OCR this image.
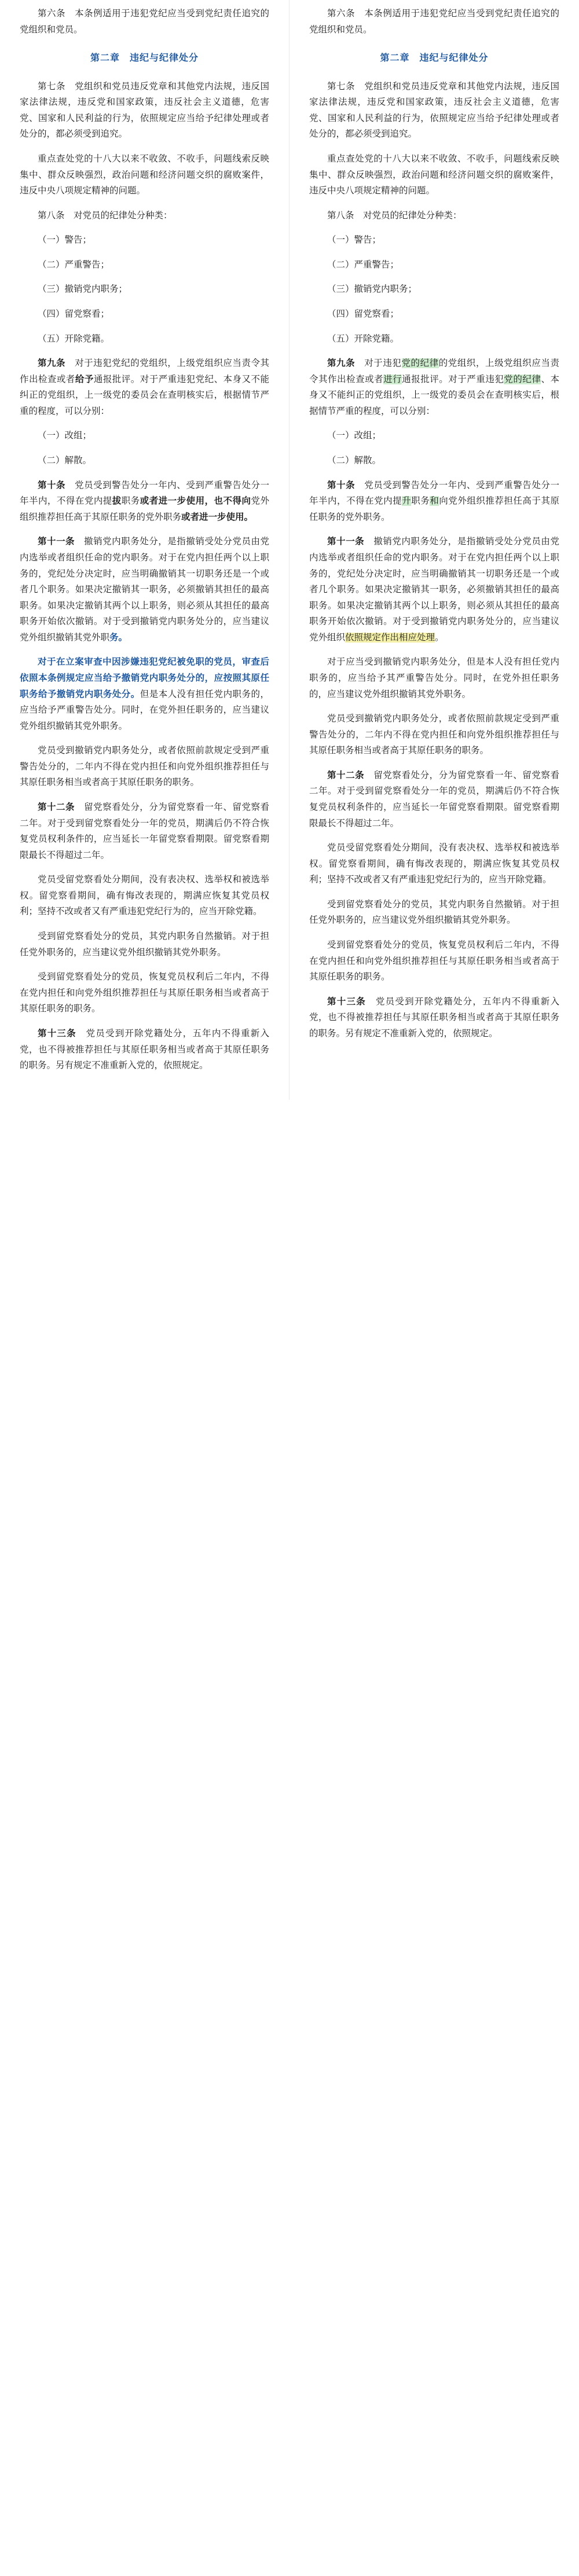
第六条　本条例适用于违犯党纪应当受到党纪责任追究的党组织和党员。

第二章　违纪与纪律处分

第七条　党组织和党员违反党章和其他党内法规，违反国家法律法规，违反党和国家政策，违反社会主义道德，危害党、国家和人民利益的行为，依照规定应当给予纪律处理或者处分的，都必须受到追究。

重点查处党的十八大以来不收敛、不收手，问题线索反映集中、群众反映强烈，政治问题和经济问题交织的腐败案件，违反中央八项规定精神的问题。

第八条　对党员的纪律处分种类：

（一）警告；

（二）严重警告；

（三）撤销党内职务；

（四）留党察看；

（五）开除党籍。

第九条　对于违犯党纪的党组织，上级党组织应当责令其作出检查或者给予通报批评。对于严重违犯党纪、本身又不能纠正的党组织，上一级党的委员会在查明核实后，根据情节严重的程度，可以分别：

（一）改组；

（二）解散。

第十条　党员受到警告处分一年内、受到严重警告处分一年半内，不得在党内提拔职务或者进一步使用，也不得向党外组织推荐担任高于其原任职务的党外职务或者进一步使用。

第十一条　撤销党内职务处分，是指撤销受处分党员由党内选举或者组织任命的党内职务。对于在党内担任两个以上职务的，党纪处分决定时，应当明确撤销其一切职务还是一个或者几个职务。如果决定撤销其一职务，必须撤销其担任的最高职务。如果决定撤销其两个以上职务，则必须从其担任的最高职务开始依次撤销。对于受到撤销党内职务处分的，应当建议党外组织撤销其党外职务。

对于在立案审查中因涉嫌违犯党纪被免职的党员，审查后依照本条例规定应当给予撤销党内职务处分的，应按照其原任职务给予撤销党内职务处分。但是本人没有担任党内职务的，应当给予严重警告处分。同时，在党外担任职务的，应当建议党外组织撤销其党外职务。

党员受到撤销党内职务处分，或者依照前款规定受到严重警告处分的，二年内不得在党内担任和向党外组织推荐担任与其原任职务相当或者高于其原任职务的职务。

第十二条　留党察看处分，分为留党察看一年、留党察看二年。对于受到留党察看处分一年的党员，期满后仍不符合恢复党员权利条件的，应当延长一年留党察看期限。留党察看期限最长不得超过二年。

党员受留党察看处分期间，没有表决权、选举权和被选举权。留党察看期间，确有悔改表现的，期满应恢复其党员权利；坚持不改或者又有严重违犯党纪行为的，应当开除党籍。

受到留党察看处分的党员，其党内职务自然撤销。对于担任党外职务的，应当建议党外组织撤销其党外职务。

受到留党察看处分的党员，恢复党员权利后二年内，不得在党内担任和向党外组织推荐担任与其原任职务相当或者高于其原任职务的职务。

第十三条　党员受到开除党籍处分，五年内不得重新入党，也不得被推荐担任与其原任职务相当或者高于其原任职务的职务。另有规定不准重新入党的，依照规定。

第六条　本条例适用于违犯党纪应当受到党纪责任追究的党组织和党员。

第二章　违纪与纪律处分

第七条　党组织和党员违反党章和其他党内法规，违反国家法律法规，违反党和国家政策，违反社会主义道德，危害党、国家和人民利益的行为，依照规定应当给予纪律处理或者处分的，都必须受到追究。

重点查处党的十八大以来不收敛、不收手，问题线索反映集中、群众反映强烈，政治问题和经济问题交织的腐败案件，违反中央八项规定精神的问题。

第八条　对党员的纪律处分种类：

（一）警告；

（二）严重警告；

（三）撤销党内职务；

（四）留党察看；

（五）开除党籍。

第九条　对于违犯党的纪律的党组织，上级党组织应当责令其作出检查或者进行通报批评。对于严重违犯党的纪律、本身又不能纠正的党组织，上一级党的委员会在查明核实后，根据情节严重的程度，可以分别：

（一）改组；

（二）解散。

第十条　党员受到警告处分一年内、受到严重警告处分一年半内，不得在党内提升职务和向党外组织推荐担任高于其原任职务的党外职务。

第十一条　撤销党内职务处分，是指撤销受处分党员由党内选举或者组织任命的党内职务。对于在党内担任两个以上职务的，党纪处分决定时，应当明确撤销其一切职务还是一个或者几个职务。如果决定撤销其一职务，必须撤销其担任的最高职务。如果决定撤销其两个以上职务，则必须从其担任的最高职务开始依次撤销。对于受到撤销党内职务处分的，应当建议党外组织依照规定作出相应处理。

对于应当受到撤销党内职务处分，但是本人没有担任党内职务的，应当给予其严重警告处分。同时，在党外担任职务的，应当建议党外组织撤销其党外职务。

党员受到撤销党内职务处分，或者依照前款规定受到严重警告处分的，二年内不得在党内担任和向党外组织推荐担任与其原任职务相当或者高于其原任职务的职务。

第十二条　留党察看处分，分为留党察看一年、留党察看二年。对于受到留党察看处分一年的党员，期满后仍不符合恢复党员权利条件的，应当延长一年留党察看期限。留党察看期限最长不得超过二年。

党员受留党察看处分期间，没有表决权、选举权和被选举权。留党察看期间，确有悔改表现的，期满应恢复其党员权利；坚持不改或者又有严重违犯党纪行为的，应当开除党籍。

受到留党察看处分的党员，其党内职务自然撤销。对于担任党外职务的，应当建议党外组织撤销其党外职务。

受到留党察看处分的党员，恢复党员权利后二年内，不得在党内担任和向党外组织推荐担任与其原任职务相当或者高于其原任职务的职务。

第十三条　党员受到开除党籍处分，五年内不得重新入党，也不得被推荐担任与其原任职务相当或者高于其原任职务的职务。另有规定不准重新入党的，依照规定。
